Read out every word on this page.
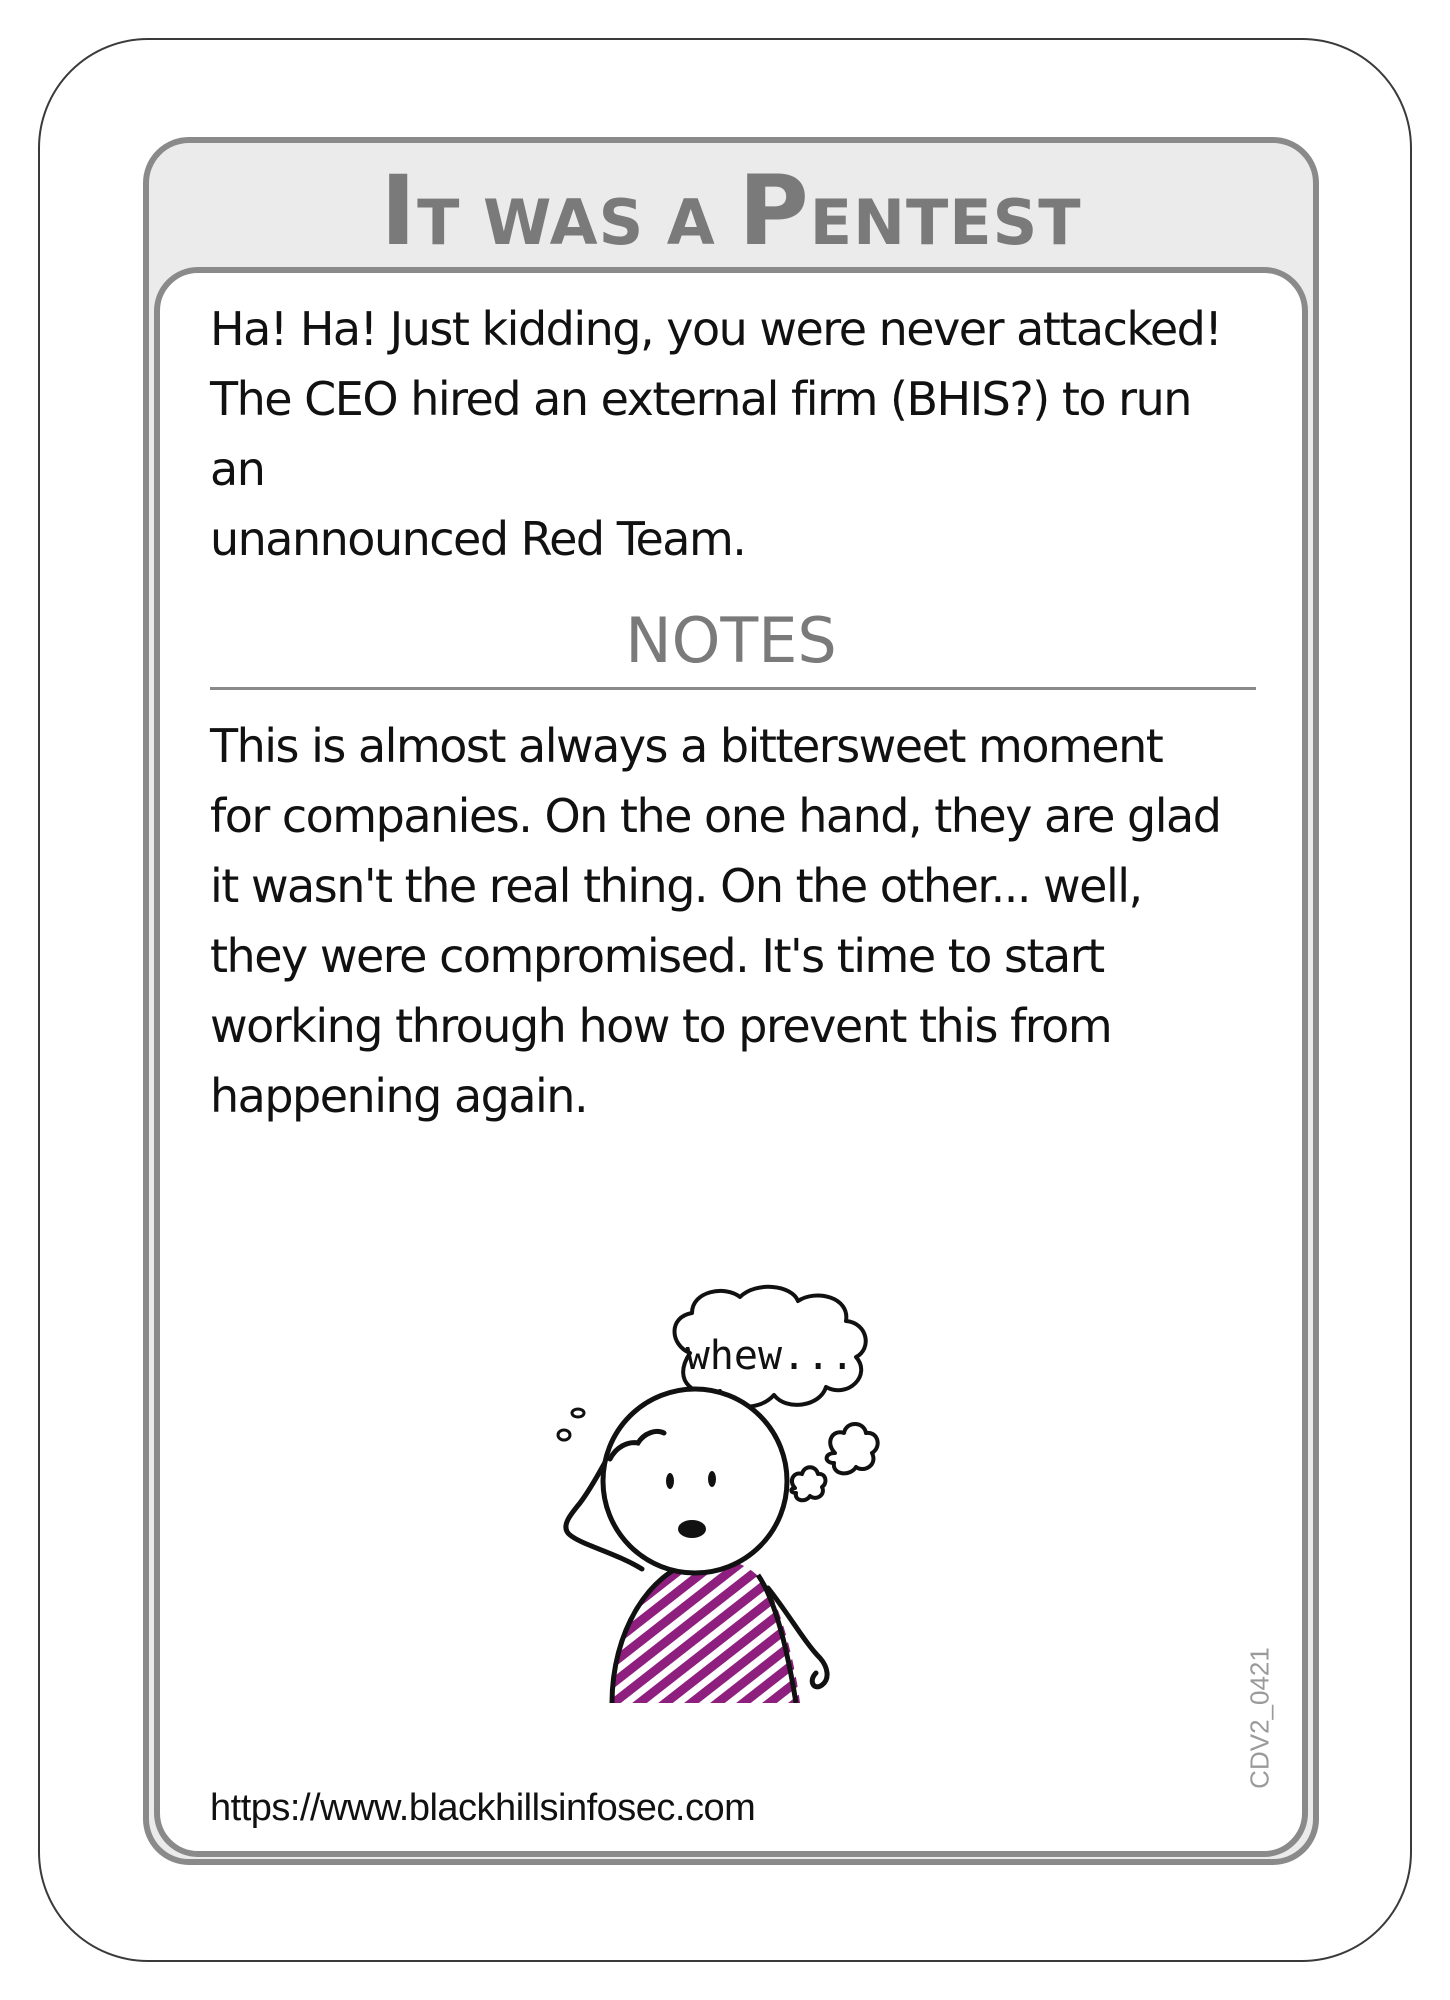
IT WAS A PENTEST

Ha! Ha! Just kidding, you were never attacked!
The CEO hired an external firm (BHIS?) to run an
unannounced Red Team.

NOTES

This is almost always a bittersweet moment
for companies. On the one hand, they are glad
it wasn't the real thing. On the other... well,
they were compromised. It's time to start
working through how to prevent this from
happening again.

whew...
https://www.blackhillsinfosec.com
CDV2_0421
